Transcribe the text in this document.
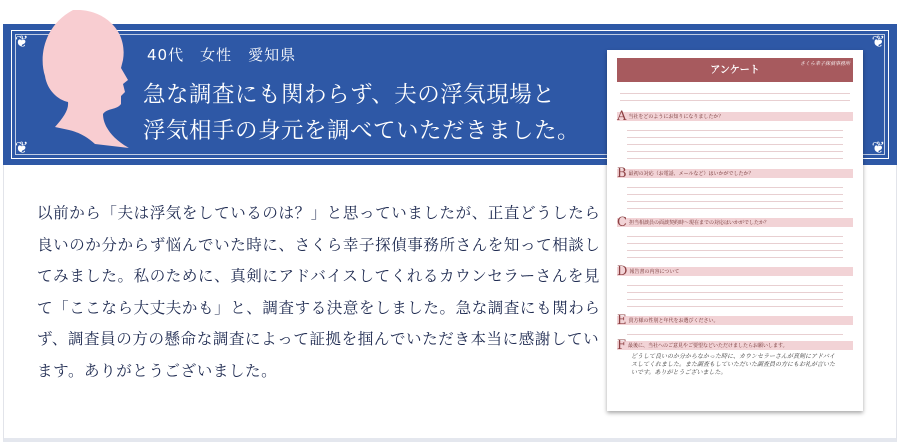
❦
❦
❦
❦
40代　女性　愛知県
急な調査にも関わらず、夫の浮気現場と
浮気相手の身元を調べていただきました。

以前から「夫は浮気をしているのは？」と思っていましたが、正直どうしたら良いのか分からず悩んでいた時に、さくら幸子探偵事務所さんを知って相談してみました。私のために、真剣にアドバイスしてくれるカウンセラーさんを見て「ここなら大丈夫かも」と、調査する決意をしました。急な調査にも関わらず、調査員の方の懸命な調査によって証拠を掴んでいただき本当に感謝しています。ありがとうございました。

アンケート
さくら幸子探偵事務所
A 当社をどのようにお知りになりましたか？
B 最初の対応（お電話、メールなど）はいかがでしたか？
C 担当相談員の面談契約時〜現在までの対応はいかがでしたか？
D 報告書の内容について
E 貴方様の性別と年代をお選びください。
F 最後に、当社へのご意見やご要望などいただけましたらお願いします。
どうして良いのか分からなかった時に、カウンセラーさんが真剣にアドバイスしてくれました。また調査もしていただいた調査員の方にもお礼が言いたいです。ありがとうございました。
